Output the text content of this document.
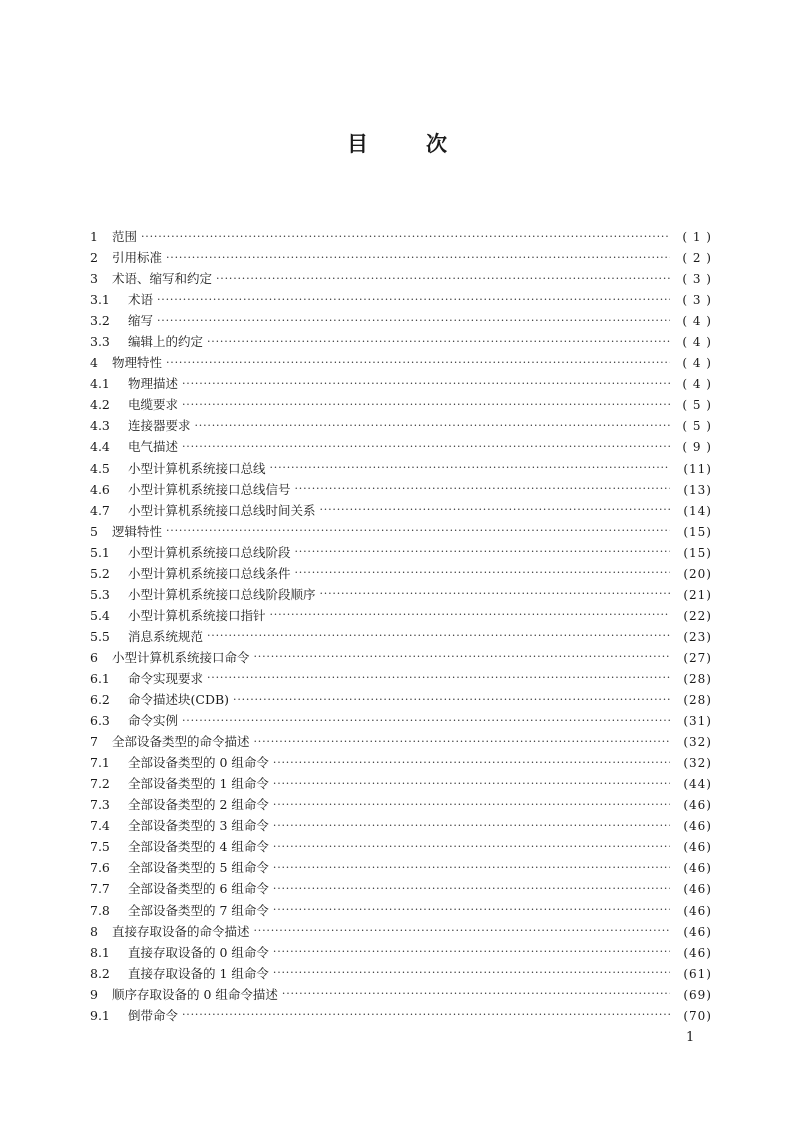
目	次
1	范围 ·····	( 1 )
2	引用标准 ·····	( 2 )
3	术语、缩写和约定 ·····	( 3 )
3.1	术语 ·····	( 3 )
3.2	缩写 ·····	( 4 )
3.3	编辑上的约定 ·····	( 4 )
4	物理特性 ·····	( 4 )
4.1	物理描述 ·····	( 4 )
4.2	电缆要求 ·····	( 5 )
4.3	连接器要求 ·····	( 5 )
4.4	电气描述 ·····	( 9 )
4.5	小型计算机系统接口总线 ·····	(11)
4.6	小型计算机系统接口总线信号 ·····	(13)
4.7	小型计算机系统接口总线时间关系 ·····	(14)
5	逻辑特性 ·····	(15)
5.1	小型计算机系统接口总线阶段 ·····	(15)
5.2	小型计算机系统接口总线条件 ·····	(20)
5.3	小型计算机系统接口总线阶段顺序 ·····	(21)
5.4	小型计算机系统接口指针 ·····	(22)
5.5	消息系统规范 ·····	(23)
6	小型计算机系统接口命令 ·····	(27)
6.1	命令实现要求 ·····	(28)
6.2	命令描述块(CDB) ·····	(28)
6.3	命令实例 ·····	(31)
7	全部设备类型的命令描述 ·····	(32)
7.1	全部设备类型的 0 组命令 ·····	(32)
7.2	全部设备类型的 1 组命令 ·····	(44)
7.3	全部设备类型的 2 组命令 ·····	(46)
7.4	全部设备类型的 3 组命令 ·····	(46)
7.5	全部设备类型的 4 组命令 ·····	(46)
7.6	全部设备类型的 5 组命令 ·····	(46)
7.7	全部设备类型的 6 组命令 ·····	(46)
7.8	全部设备类型的 7 组命令 ·····	(46)
8	直接存取设备的命令描述 ·····	(46)
8.1	直接存取设备的 0 组命令 ·····	(46)
8.2	直接存取设备的 1 组命令 ·····	(61)
9	顺序存取设备的 0 组命令描述 ·····	(69)
9.1	倒带命令 ·····	(70)
1
